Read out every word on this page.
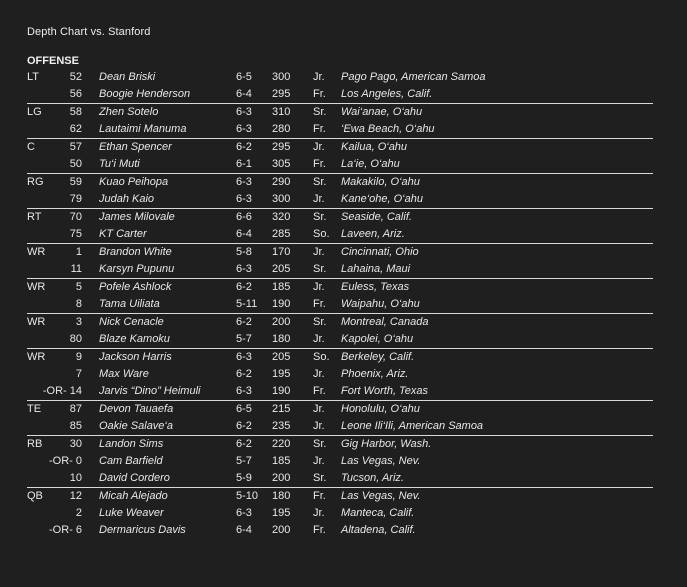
Depth Chart vs. Stanford
OFFENSE
LT	52 Dean Briski	6-5 300 Jr. Pago Pago, American Samoa
56 Boogie Henderson	6-4 295 Fr. Los Angeles, Calif.
LG	58 Zhen Sotelo	6-3 310 Sr. Wai‘anae, O‘ahu
62 Lautaimi Manuma	6-3 280 Fr. ‘Ewa Beach, O‘ahu
C	57 Ethan Spencer	6-2 295 Jr. Kailua, O‘ahu
50 Tu‘i Muti	6-1 305 Fr. La‘ie, O‘ahu
RG	59 Kuao Peihopa	6-3 290 Sr. Makakilo, O‘ahu
79 Judah Kaio	6-3 300 Jr. Kane‘ohe, O‘ahu
RT	70 James Milovale	6-6 320 Sr. Seaside, Calif.
75 KT Carter	6-4 285 So. Laveen, Ariz.
WR	1 Brandon White	5-8 170 Jr. Cincinnati, Ohio
11 Karsyn Pupunu	6-3 205 Sr. Lahaina, Maui
WR	5 Pofele Ashlock	6-2 185 Jr. Euless, Texas
8 Tama Uiliata	5-11 190 Fr. Waipahu, O‘ahu
WR	3 Nick Cenacle	6-2 200 Sr. Montreal, Canada
80 Blaze Kamoku	5-7 180 Jr. Kapolei, O‘ahu
WR	9 Jackson Harris	6-3 205 So. Berkeley, Calif.
7 Max Ware	6-2 195 Jr. Phoenix, Ariz.
-OR- 14 Jarvis “Dino” Heimuli	6-3 190 Fr. Fort Worth, Texas
TE	87 Devon Tauaefa	6-5 215 Jr. Honolulu, O‘ahu
85 Oakie Salave‘a	6-2 235 Jr. Leone Ili‘Ili, American Samoa
RB	30 Landon Sims	6-2 220 Sr. Gig Harbor, Wash.
-OR- 0 Cam Barfield	5-7 185 Jr. Las Vegas, Nev.
10 David Cordero	5-9 200 Sr. Tucson, Ariz.
QB	12 Micah Alejado	5-10 180 Fr. Las Vegas, Nev.
2 Luke Weaver	6-3 195 Jr. Manteca, Calif.
-OR- 6 Dermaricus Davis	6-4 200 Fr. Altadena, Calif.
